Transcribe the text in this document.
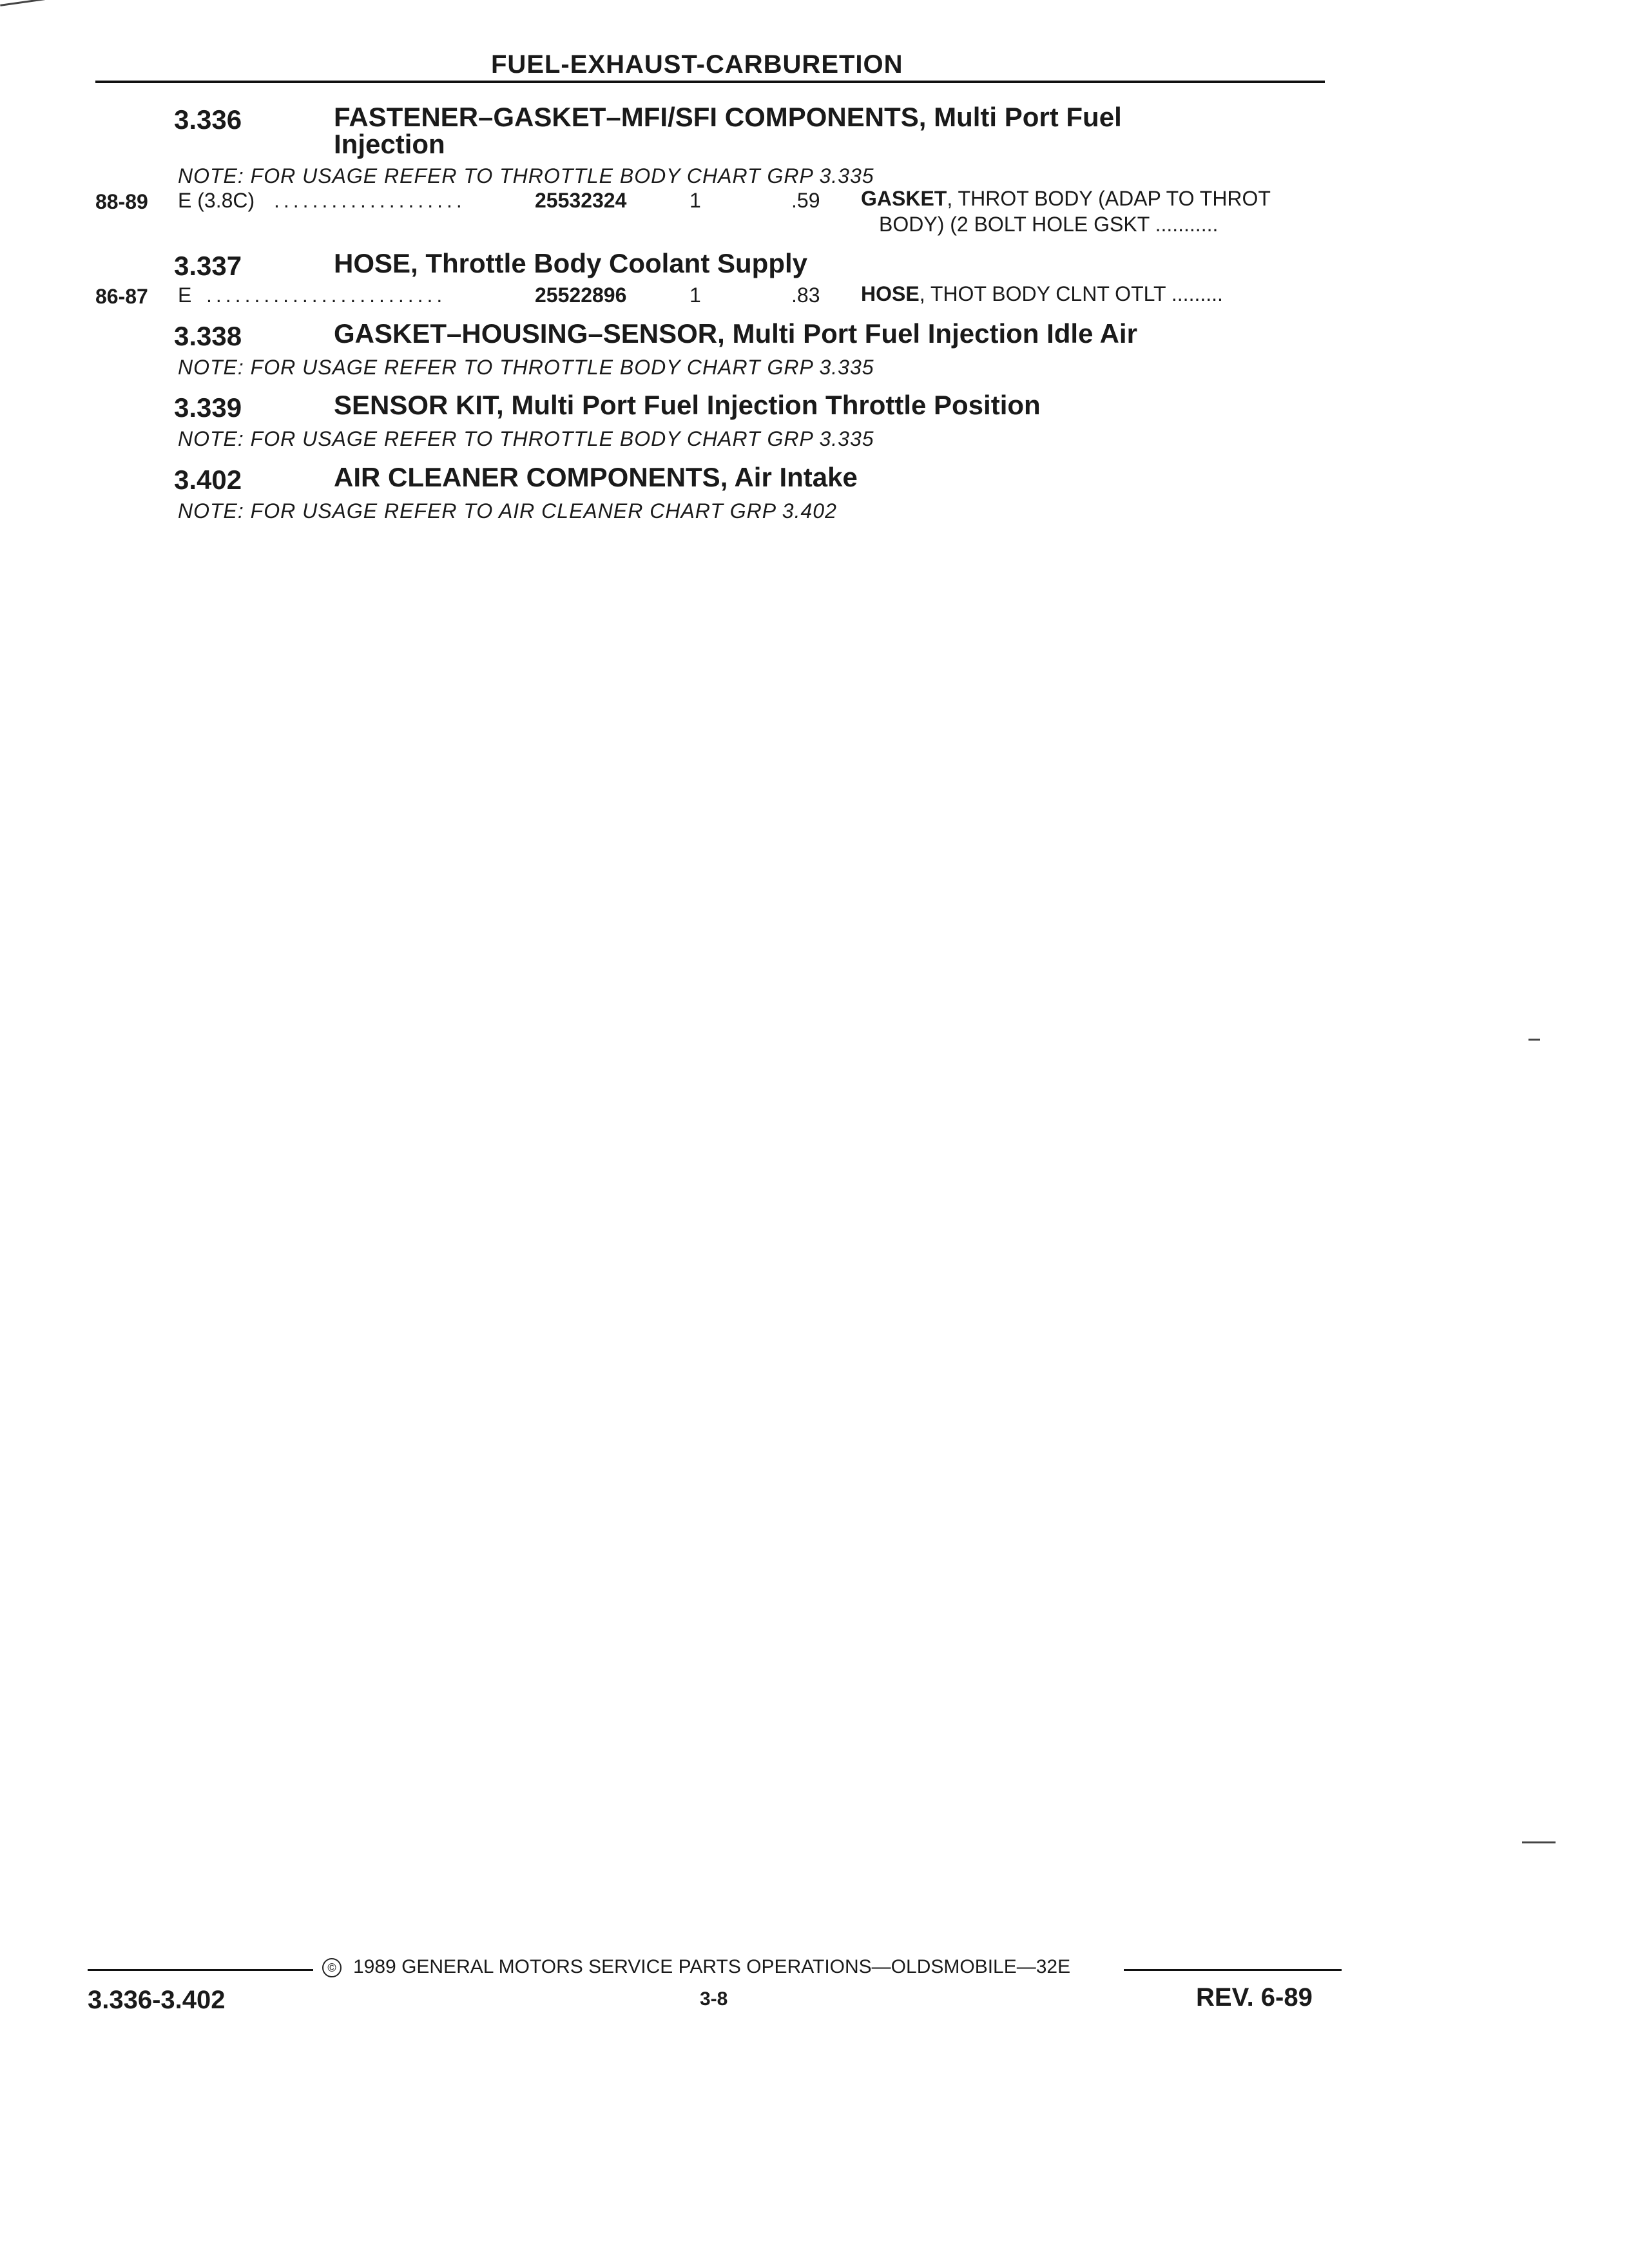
FUEL-EXHAUST-CARBURETION
3.336	FASTENER–GASKET–MFI/SFI COMPONENTS, Multi Port Fuel
Injection
NOTE: FOR USAGE REFER TO THROTTLE BODY CHART GRP 3.335
88-89 E (3.8C) ....................	25532324	1	.59 GASKET, THROT BODY (ADAP TO THROT
BODY) (2 BOLT HOLE GSKT ...........
3.337	HOSE, Throttle Body Coolant Supply
86-87 E .........................	25522896	1	.83 HOSE, THOT BODY CLNT OTLT .........
3.338	GASKET–HOUSING–SENSOR, Multi Port Fuel Injection Idle Air
NOTE: FOR USAGE REFER TO THROTTLE BODY CHART GRP 3.335
3.339	SENSOR KIT, Multi Port Fuel Injection Throttle Position
NOTE: FOR USAGE REFER TO THROTTLE BODY CHART GRP 3.335
3.402	AIR CLEANER COMPONENTS, Air Intake
NOTE: FOR USAGE REFER TO AIR CLEANER CHART GRP 3.402
© 1989 GENERAL MOTORS SERVICE PARTS OPERATIONS—OLDSMOBILE—32E
3.336-3.402	3-8	REV. 6-89
